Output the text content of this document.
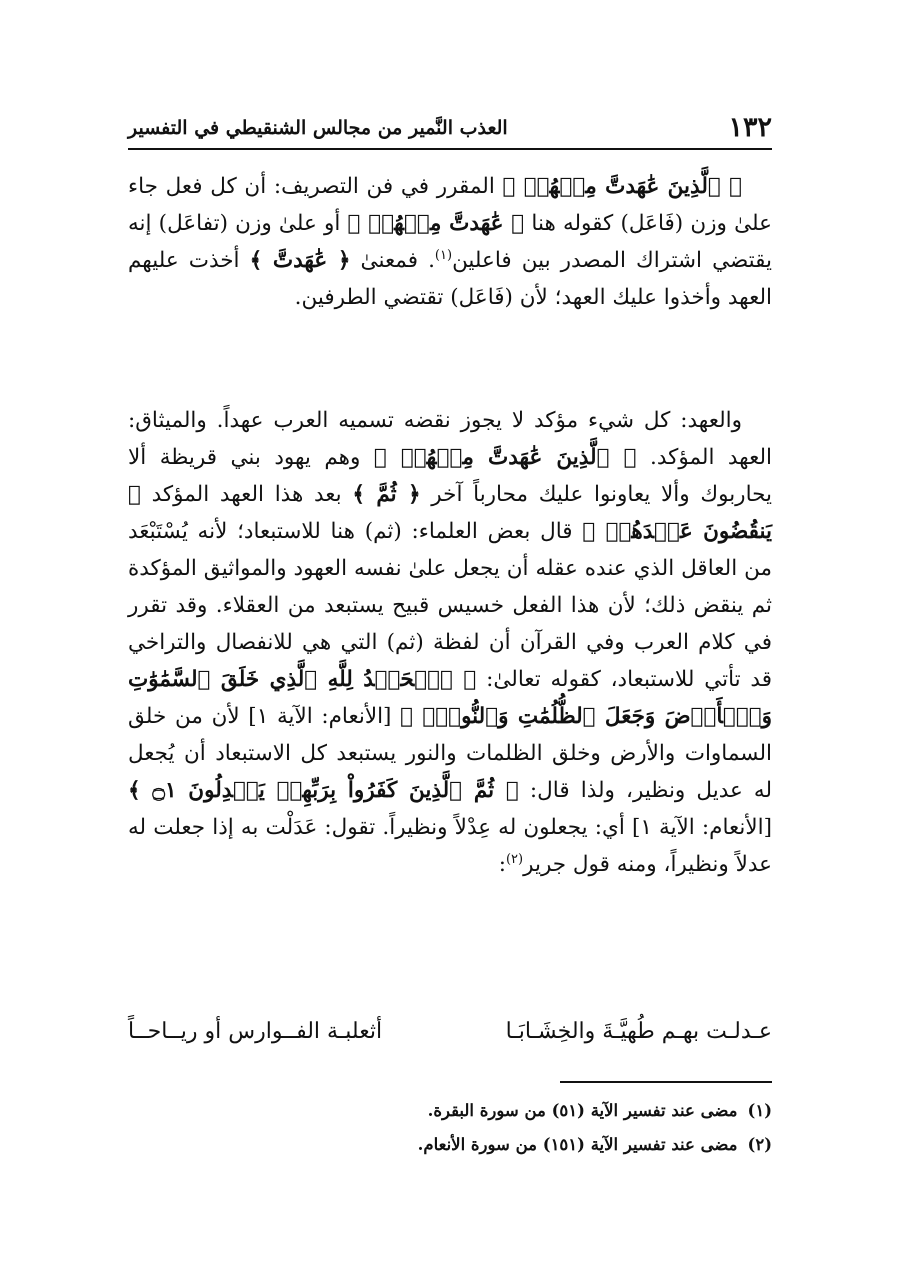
١٣٢
العذب النَّمير من مجالس الشنقيطي في التفسير

﴿ ٱلَّذِينَ عَٰهَدتَّ مِنۡهُمۡ ﴾ المقرر في فن التصريف: أن كل فعل جاء علىٰ وزن (فَاعَل) كقوله هنا ﴿ عَٰهَدتَّ مِنۡهُمۡ ﴾ أو علىٰ وزن (تفاعَل) إنه يقتضي اشتراك المصدر بين فاعلين$^{(١)}$. فمعنىٰ ﴿ عَٰهَدتَّ ﴾ أخذت عليهم العهد وأخذوا عليك العهد؛ لأن (فَاعَل) تقتضي الطرفين.

والعهد: كل شيء مؤكد لا يجوز نقضه تسميه العرب عهداً. والميثاق: العهد المؤكد. ﴿ ٱلَّذِينَ عَٰهَدتَّ مِنۡهُمۡ ﴾ وهم يهود بني قريظة ألا يحاربوك وألا يعاونوا عليك محارباً آخر ﴿ ثُمَّ ﴾ بعد هذا العهد المؤكد ﴿ يَنقُضُونَ عَهۡدَهُمۡ ﴾ قال بعض العلماء: (ثم) هنا للاستبعاد؛ لأنه يُسْتَبْعَد من العاقل الذي عنده عقله أن يجعل علىٰ نفسه العهود والمواثيق المؤكدة ثم ينقض ذلك؛ لأن هذا الفعل خسيس قبيح يستبعد من العقلاء. وقد تقرر في كلام العرب وفي القرآن أن لفظة (ثم) التي هي للانفصال والتراخي قد تأتي للاستبعاد، كقوله تعالىٰ: ﴿ ٱلۡحَمۡدُ لِلَّهِ ٱلَّذِي خَلَقَ ٱلسَّمَٰوَٰتِ وَٱلۡأَرۡضَ وَجَعَلَ ٱلظُّلُمَٰتِ وَٱلنُّورَۖ ﴾ [الأنعام: الآية ١] لأن من خلق السماوات والأرض وخلق الظلمات والنور يستبعد كل الاستبعاد أن يُجعل له عديل ونظير، ولذا قال: ﴿ ثُمَّ ٱلَّذِينَ كَفَرُواْ بِرَبِّهِمۡ يَعۡدِلُونَ ۝١ ﴾ [الأنعام: الآية ١] أي: يجعلون له عِدْلاً ونظيراً. تقول: عَدَلْت به إذا جعلت له عدلاً ونظيراً، ومنه قول جرير$^{(٢)}$:

عـدلـت بهـم طُهيَّـةَ والخِشَـابَـا
أثعلبـة الفــوارس أو ريــاحــاً

(١)مضى عند تفسير الآية (٥١) من سورة البقرة.

(٢)مضى عند تفسير الآية (١٥١) من سورة الأنعام.
